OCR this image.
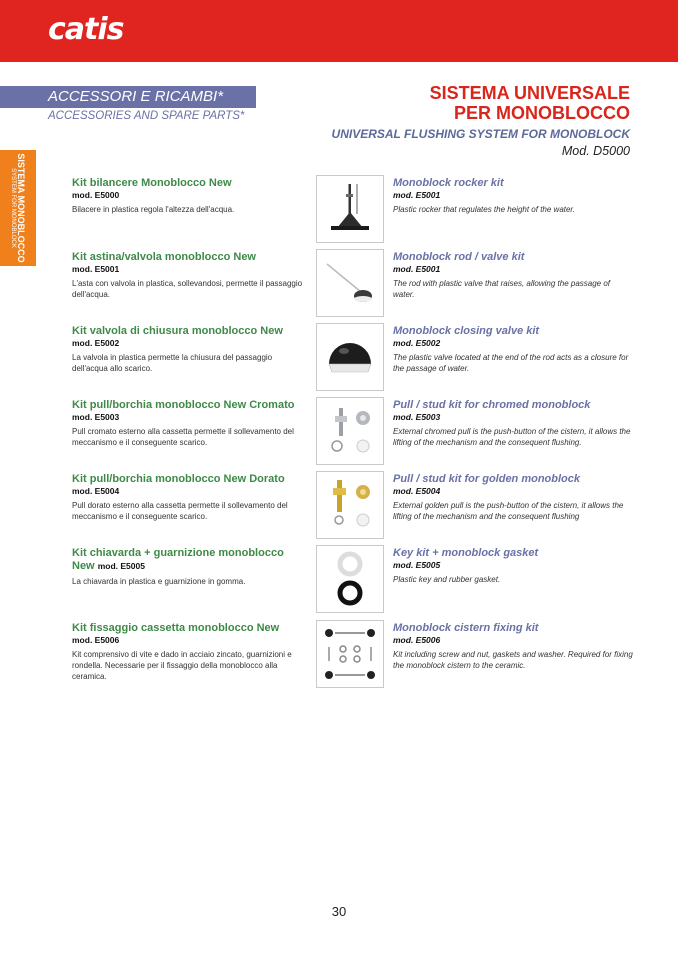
catis
ACCESSORI E RICAMBI*
ACCESSORIES AND SPARE PARTS*
SISTEMA UNIVERSALE
PER MONOBLOCCO
UNIVERSAL FLUSHING SYSTEM FOR MONOBLOCK
Mod. D5000
SISTEMA MONOBLOCCO
SYSTEM FOR MONOBLOCK	Kit bilancere Monoblocco New
mod. E5000
Bilacere in plastica regola l'altezza dell'acqua.
Monoblock rocker kit
mod. E5001
Plastic rocker that regulates the height of the water.
Kit astina/valvola monoblocco New
mod. E5001
L'asta con valvola in plastica, sollevandosi, permette il passaggio dell'acqua.
Monoblock rod / valve kit
mod. E5001
The rod with plastic valve that raises, allowing the passage of water.
Kit valvola di chiusura monoblocco New
mod. E5002
La valvola in plastica permette la chiusura del passaggio dell'acqua allo scarico.
Monoblock closing valve kit
mod. E5002
The plastic valve located at the end of the rod acts as a closure for the passage of water.
Kit pull/borchia monoblocco New Cromato
mod. E5003
Pull cromato esterno alla cassetta permette il sollevamento del meccanismo e il conseguente scarico.
Pull / stud kit for chromed monoblock
mod. E5003
External chromed pull is the push-button of the cistern, it allows the lifting of the mechanism and the consequent flushing.
Kit pull/borchia monoblocco New Dorato
mod. E5004
Pull dorato esterno alla cassetta permette il sollevamento del meccanismo e il conseguente scarico.
Pull / stud kit for golden monoblock
mod. E5004
External golden pull is the push-button of the cistern, it allows the lifting of the mechanism and the consequent flushing
Kit chiavarda + guarnizione monoblocco New mod. E5005
La chiavarda in plastica e guarnizione in gomma.
Key kit + monoblock gasket
mod. E5005
Plastic key and rubber gasket.
Kit fissaggio cassetta monoblocco New
mod. E5006
Kit comprensivo di vite e dado in acciaio zincato, guarnizioni e rondella. Necessarie per il fissaggio della monoblocco alla ceramica.
Monoblock cistern fixing kit
mod. E5006
Kit including screw and nut, gaskets and washer. Required for fixing the monoblock cistern to the ceramic.
30
